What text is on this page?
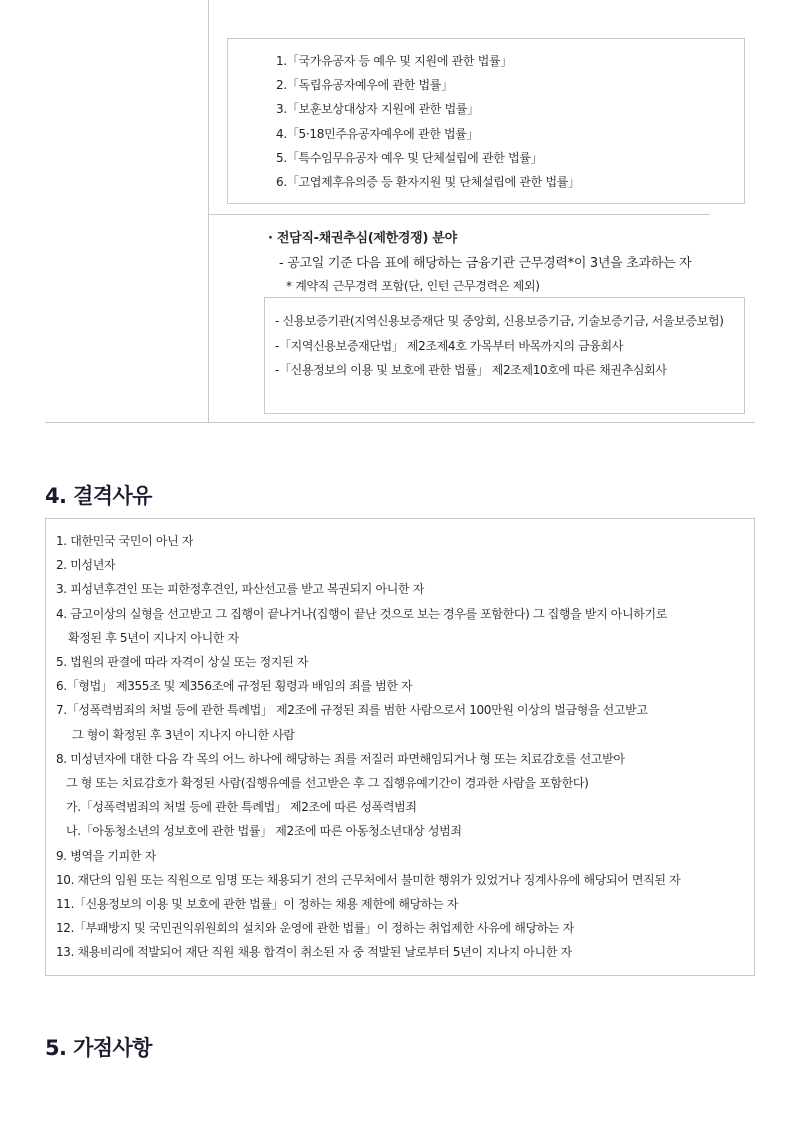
1.「국가유공자 등 예우 및 지원에 관한 법률」
2.「독립유공자예우에 관한 법률」
3.「보훈보상대상자 지원에 관한 법률」
4.「5·18민주유공자예우에 관한 법률」
5.「특수임무유공자 예우 및 단체설립에 관한 법률」
6.「고엽제후유의증 등 환자지원 및 단체설립에 관한 법률」
· 전담직-채권추심(제한경쟁) 분야
- 공고일 기준 다음 표에 해당하는 금융기관 근무경력*이 3년을 초과하는 자
* 계약직 근무경력 포함(단, 인턴 근무경력은 제외)
- 신용보증기관(지역신용보증재단 및 중앙회, 신용보증기금, 기술보증기금, 서울보증보험)
-「지역신용보증재단법」 제2조제4호 가목부터 바목까지의 금융회사
-「신용정보의 이용 및 보호에 관한 법률」 제2조제10호에 따른 채권추심회사
4. 결격사유
1. 대한민국 국민이 아닌 자
2. 미성년자
3. 피성년후견인 또는 피한정후견인, 파산선고를 받고 복권되지 아니한 자
4. 금고이상의 실형을 선고받고 그 집행이 끝나거나(집행이 끝난 것으로 보는 경우를 포함한다) 그 집행을 받지 아니하기로
확정된 후 5년이 지나지 아니한 자
5. 법원의 판결에 따라 자격이 상실 또는 정지된 자
6.「형법」 제355조 및 제356조에 규정된 횡령과 배임의 죄를 범한 자
7.「성폭력범죄의 처벌 등에 관한 특례법」 제2조에 규정된 죄를 범한 사람으로서 100만원 이상의 벌금형을 선고받고
그 형이 확정된 후 3년이 지나지 아니한 사람
8. 미성년자에 대한 다음 각 목의 어느 하나에 해당하는 죄를 저질러 파면해임되거나 형 또는 치료감호를 선고받아
그 형 또는 치료감호가 확정된 사람(집행유예를 선고받은 후 그 집행유예기간이 경과한 사람을 포함한다)
가.「성폭력범죄의 처벌 등에 관한 특례법」 제2조에 따른 성폭력범죄
나.「아동청소년의 성보호에 관한 법률」 제2조에 따른 아동청소년대상 성범죄
9. 병역을 기피한 자
10. 재단의 임원 또는 직원으로 임명 또는 채용되기 전의 근무처에서 불미한 행위가 있었거나 징계사유에 해당되어 면직된 자
11.「신용정보의 이용 및 보호에 관한 법률」이 정하는 채용 제한에 해당하는 자
12.「부패방지 및 국민권익위원회의 설치와 운영에 관한 법률」이 정하는 취업제한 사유에 해당하는 자
13. 채용비리에 적발되어 재단 직원 채용 합격이 취소된 자 중 적발된 날로부터 5년이 지나지 아니한 자
5. 가점사항
